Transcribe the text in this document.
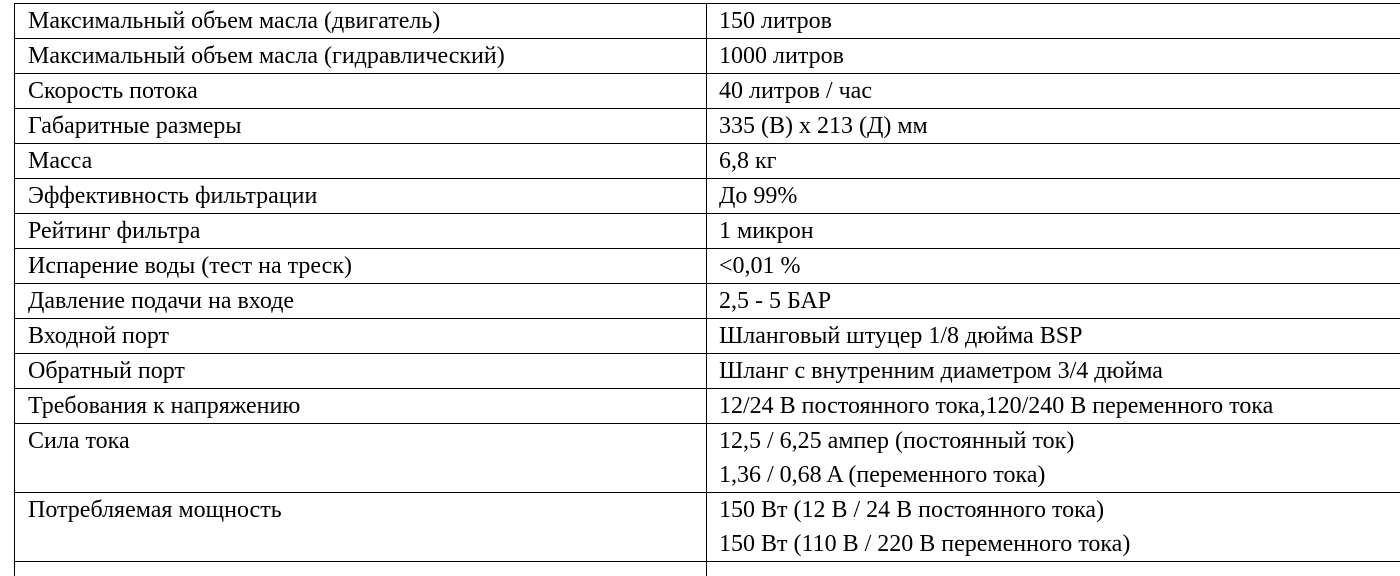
Максимальный объем масла (двигатель)	150 литров
Максимальный объем масла (гидравлический)	1000 литров
Скорость потока	40 литров / час
Габаритные размеры	335 (В) x 213 (Д) мм
Масса	6,8 кг
Эффективность фильтрации	До 99%
Рейтинг фильтра	1 микрон
Испарение воды (тест на треск)	<0,01 %
Давление подачи на входе	2,5 - 5 БАР
Входной порт	Шланговый штуцер 1/8 дюйма BSP
Обратный порт	Шланг с внутренним диаметром 3/4 дюйма
Требования к напряжению	12/24 В постоянного тока,120/240 В переменного тока
Сила тока	12,5 / 6,25 ампер (постоянный ток)
1,36 / 0,68 A (переменного тока)

Потребляемая мощность	150 Вт (12 В / 24 В постоянного тока)
150 Вт (110 В / 220 В переменного тока)
